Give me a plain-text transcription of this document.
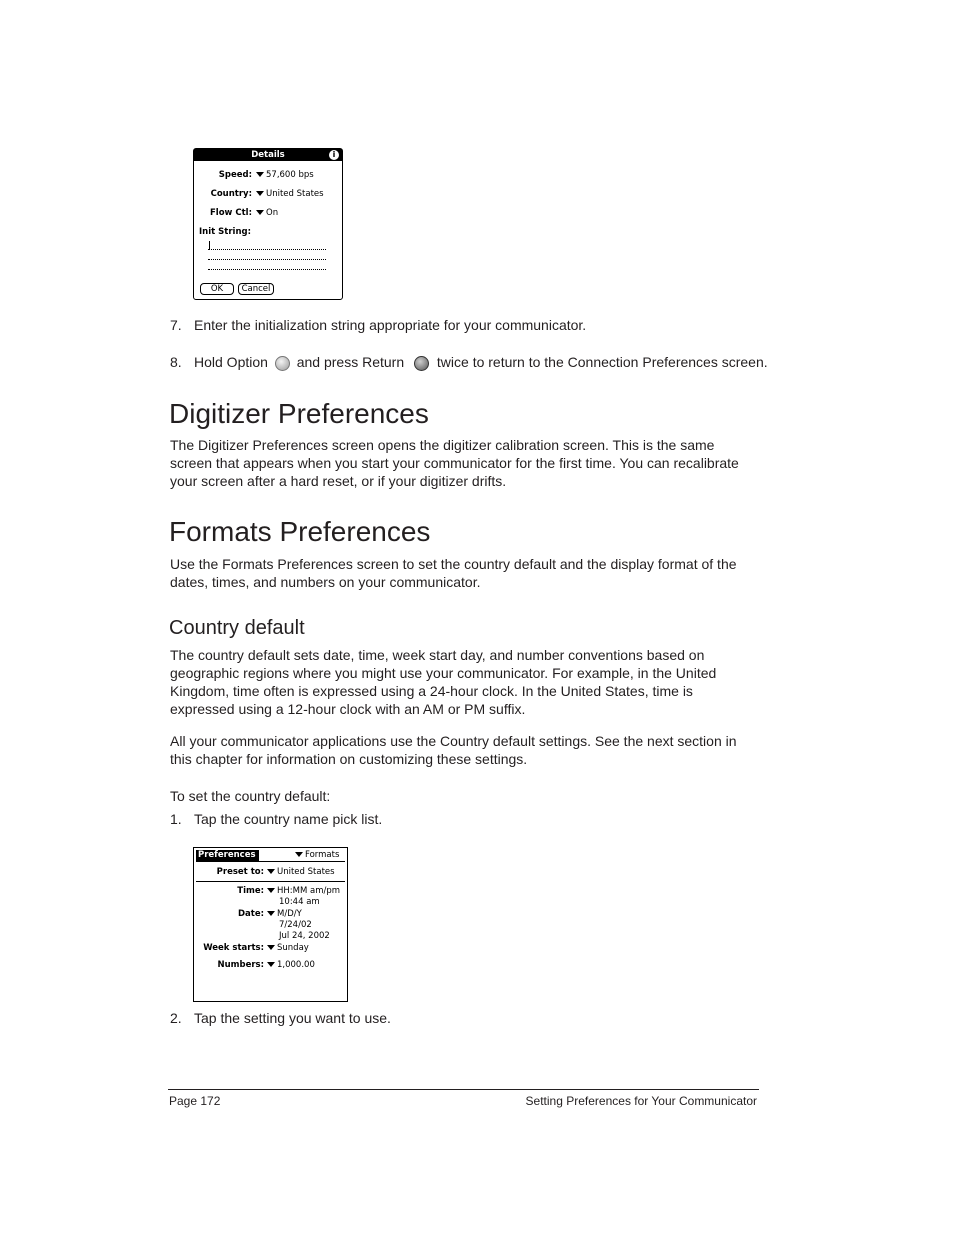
Details	i
Speed:	57,600 bps
Country:	United States
Flow Ctl:	On
Init String:
OK	Cancel
7. Enter the initialization string appropriate for your communicator.
8. Hold Option and press Return twice to return to the Connection Preferences screen.
Digitizer Preferences

The Digitizer Preferences screen opens the digitizer calibration screen. This is the same screen that appears when you start your communicator for the first time. You can recalibrate your screen after a hard reset, or if your digitizer drifts.

Formats Preferences

Use the Formats Preferences screen to set the country default and the display format of the dates, times, and numbers on your communicator.

Country default

The country default sets date, time, week start day, and number conventions based on geographic regions where you might use your communicator. For example, in the United Kingdom, time often is expressed using a 24-hour clock. In the United States, time is expressed using a 12-hour clock with an AM or PM suffix.

All your communicator applications use the Country default settings. See the next section in this chapter for information on customizing these settings.

To set the country default:
1. Tap the country name pick list.
Preferences	Formats
Preset to:	United States
Time:	HH:MM am/pm
10:44 am
Date:	M/D/Y
7/24/02
Jul 24, 2002
Week starts:	Sunday
Numbers:	1,000.00
2. Tap the setting you want to use.
Page 172	Setting Preferences for Your Communicator
